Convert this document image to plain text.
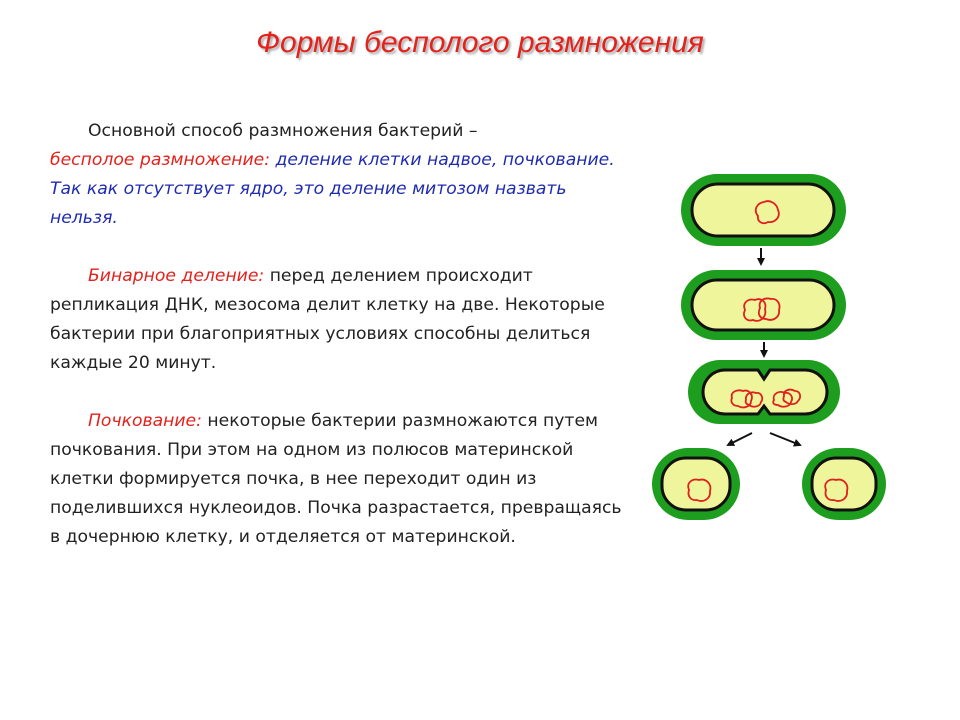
Формы бесполого размножения

Основной способ размножения бактерий –
бесполое размножение: деление клетки надвое, почкование. Так как отсутствует ядро, это деление митозом назвать нельзя.

Бинарное деление: перед делением происходит репликация ДНК, мезосома делит клетку на две. Некоторые бактерии при благоприятных условиях способны делиться каждые 20 минут.

Почкование: некоторые бактерии размножаются путем почкования. При этом на одном из полюсов материнской клетки формируется почка, в нее переходит один из поделившихся нуклеоидов. Почка разрастается, превращаясь в дочернюю клетку, и отделяется от материнской.
